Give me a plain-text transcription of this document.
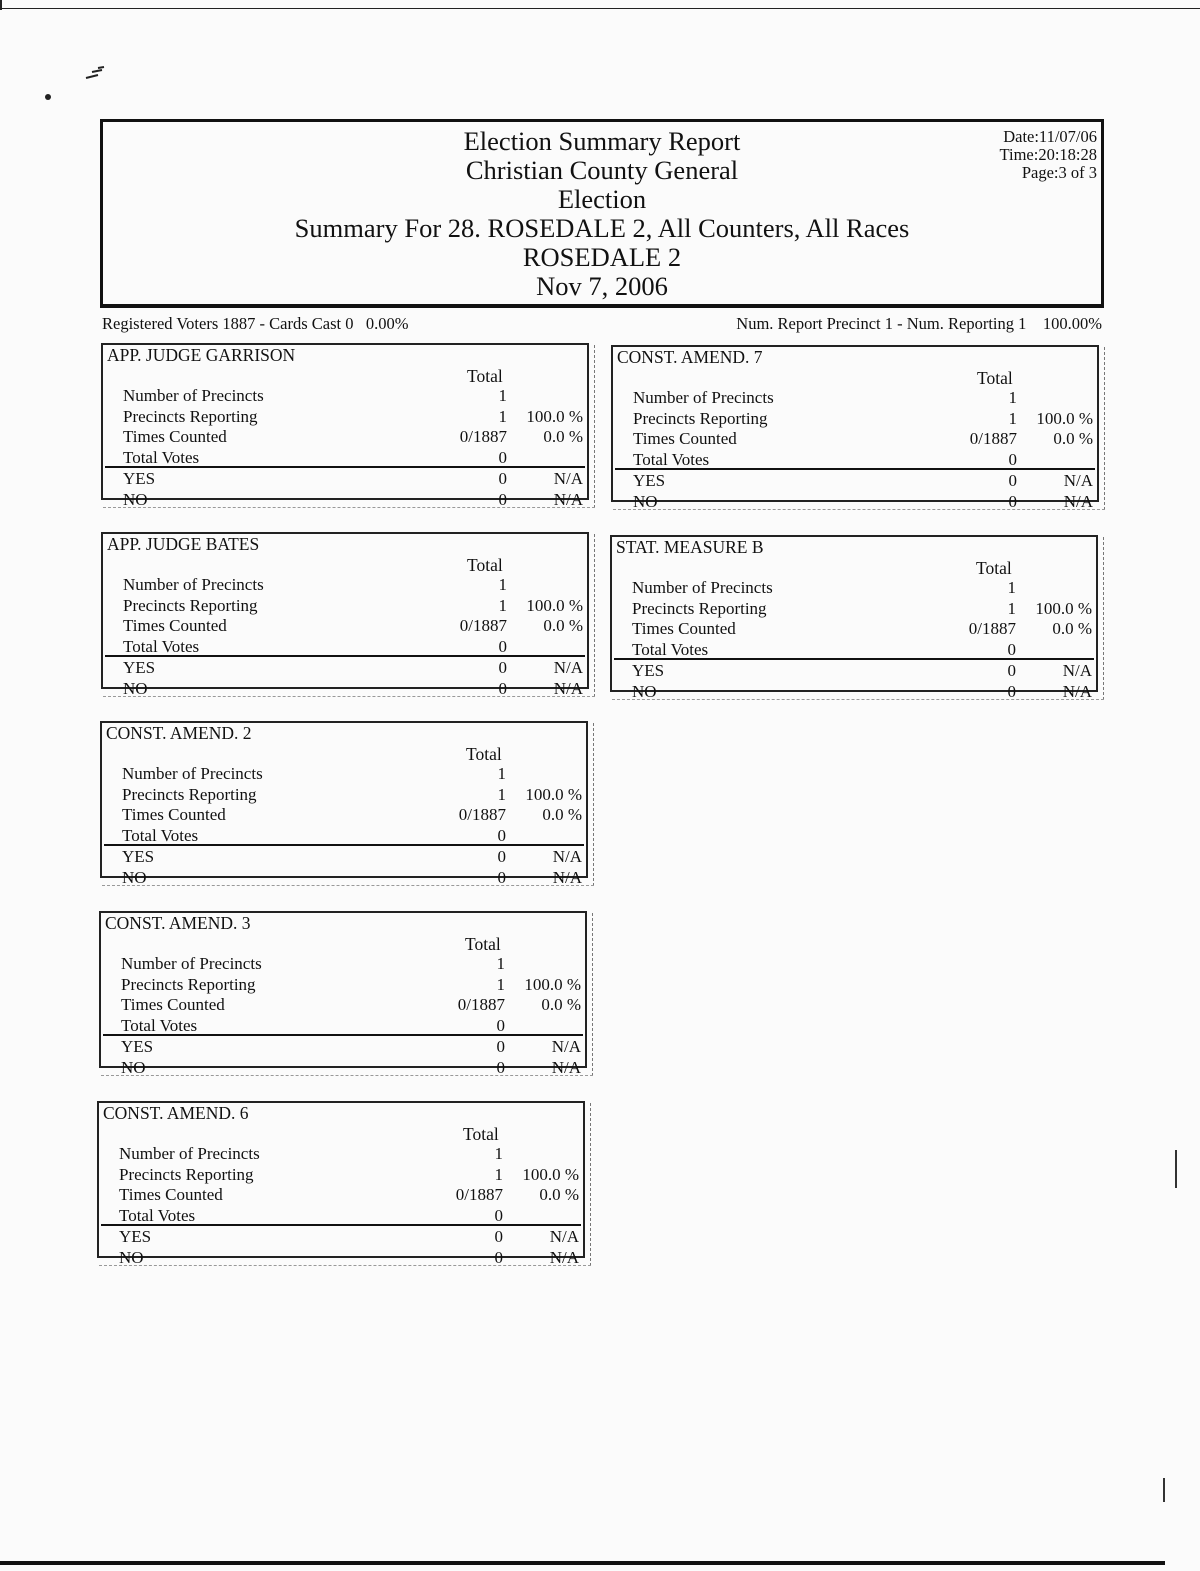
Election Summary Report
Christian County General
Election
Summary For 28. ROSEDALE 2, All Counters, All Races
ROSEDALE 2
Nov 7, 2006
Date:11/07/06
Time:20:18:28
Page:3 of 3
Registered Voters 1887 - Cards Cast 0   0.00%	Num. Report Precinct 1 - Num. Reporting 1    100.00%
APP. JUDGE GARRISON
Total
Number of Precincts	1
Precincts Reporting	1 100.0 %
Times Counted	0/1887 0.0 %
Total Votes	0
YES	0	N/A
NO	0	N/A
APP. JUDGE BATES
Total
Number of Precincts	1
Precincts Reporting	1 100.0 %
Times Counted	0/1887 0.0 %
Total Votes	0
YES	0	N/A
NO	0	N/A
CONST. AMEND. 2
Total
Number of Precincts	1
Precincts Reporting	1 100.0 %
Times Counted	0/1887 0.0 %
Total Votes	0
YES	0	N/A
NO	0	N/A
CONST. AMEND. 3
Total
Number of Precincts	1
Precincts Reporting	1 100.0 %
Times Counted	0/1887 0.0 %
Total Votes	0
YES	0	N/A
NO	0	N/A
CONST. AMEND. 6
Total
Number of Precincts	1
Precincts Reporting	1 100.0 %
Times Counted	0/1887 0.0 %
Total Votes	0
YES	0	N/A
NO	0	N/A
CONST. AMEND. 7
Total
Number of Precincts	1
Precincts Reporting	1 100.0 %
Times Counted	0/1887 0.0 %
Total Votes	0
YES	0	N/A
NO	0	N/A
STAT. MEASURE B
Total
Number of Precincts	1
Precincts Reporting	1 100.0 %
Times Counted	0/1887 0.0 %
Total Votes	0
YES	0	N/A
NO	0	N/A
